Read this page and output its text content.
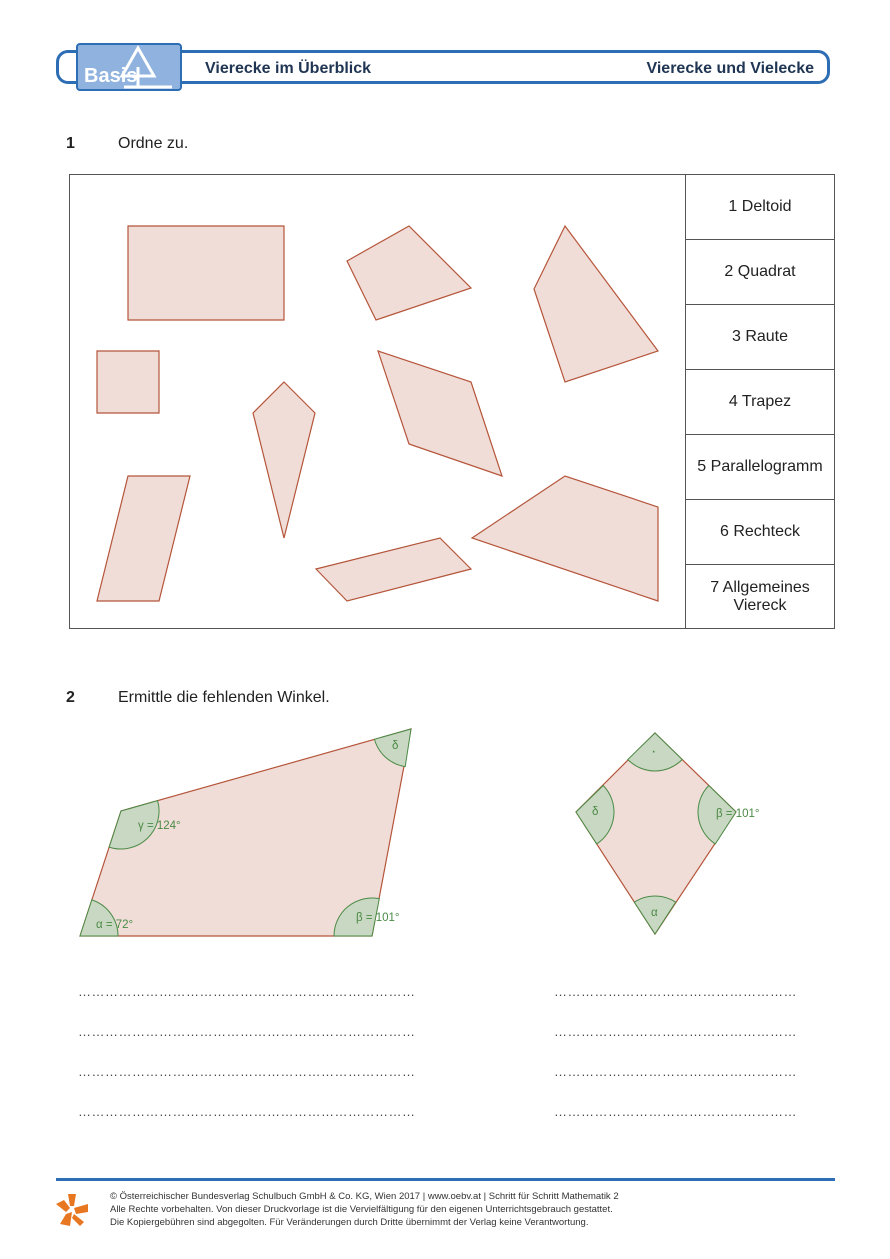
Basis	Vierecke im Überblick	Vierecke und Vielecke
1	Ordne zu.
1 Deltoid
2 Quadrat
3 Raute
4 Trapez
5 Parallelogramm
6 Rechteck
7 Allgemeines Viereck
2	Ermittle die fehlenden Winkel.
α = 72°
β = 101°
γ = 124°
δ	·
β = 101°
α
δ
…………………………………………………………………
…………………………………………………………………
…………………………………………………………………
…………………………………………………………………
………………………………………………
………………………………………………
………………………………………………
………………………………………………
© Österreichischer Bundesverlag Schulbuch GmbH & Co. KG, Wien 2017 | www.oebv.at | Schritt für Schritt Mathematik 2
Alle Rechte vorbehalten. Von dieser Druckvorlage ist die Vervielfältigung für den eigenen Unterrichtsgebrauch gestattet.
Die Kopiergebühren sind abgegolten. Für Veränderungen durch Dritte übernimmt der Verlag keine Verantwortung.
